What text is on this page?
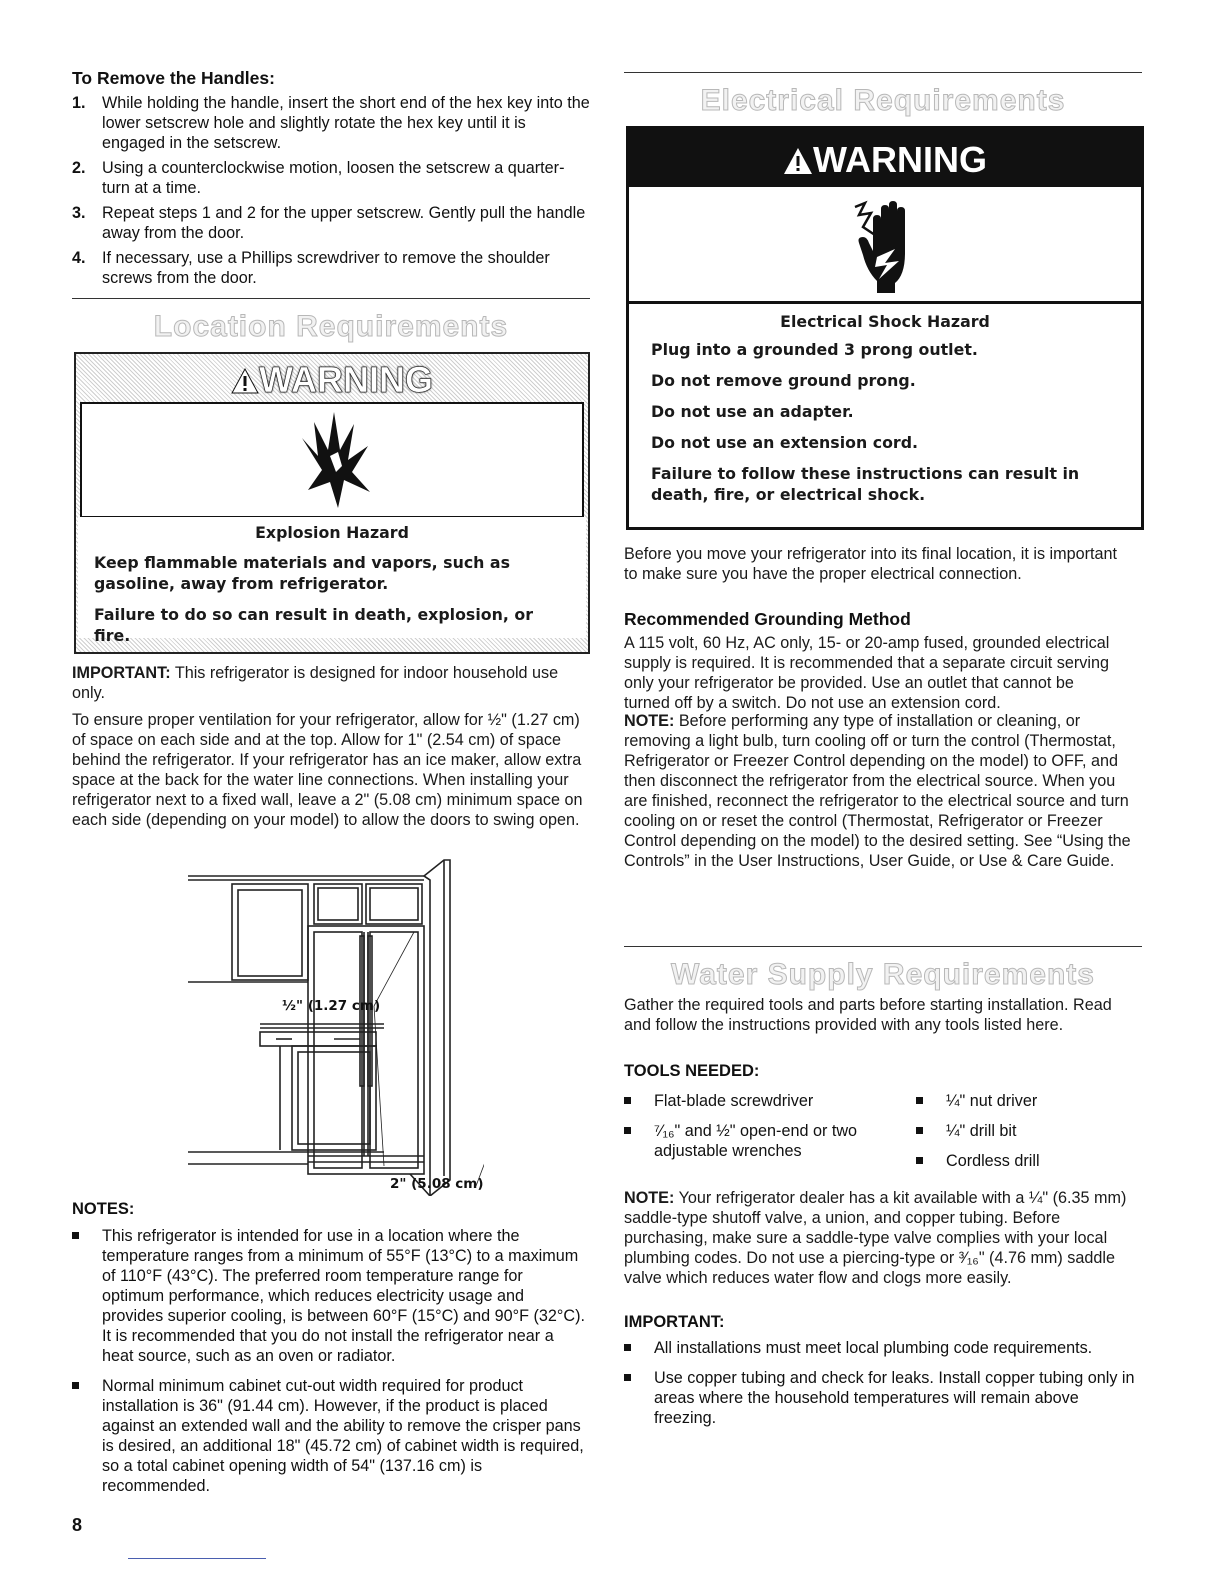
To Remove the Handles:
1. While holding the handle, insert the short end of the hex key into the lower setscrew hole and slightly rotate the hex key until it is engaged in the setscrew.
2. Using a counterclockwise motion, loosen the setscrew a quarter-turn at a time.
3. Repeat steps 1 and 2 for the upper setscrew. Gently pull the handle away from the door.
4. If necessary, use a Phillips screwdriver to remove the shoulder screws from the door.
Location Requirements
WARNING
Explosion Hazard

Keep flammable materials and vapors, such as gasoline, away from refrigerator.

Failure to do so can result in death, explosion, or fire.

IMPORTANT: This refrigerator is designed for indoor household use only.

To ensure proper ventilation for your refrigerator, allow for ½" (1.27 cm) of space on each side and at the top. Allow for 1" (2.54 cm) of space behind the refrigerator. If your refrigerator has an ice maker, allow extra space at the back for the water line connections. When installing your refrigerator next to a fixed wall, leave a 2" (5.08 cm) minimum space on each side (depending on your model) to allow the doors to swing open.

½" (1.27 cm)
2" (5.08 cm)
NOTES:
This refrigerator is intended for use in a location where the temperature ranges from a minimum of 55°F (13°C) to a maximum of 110°F (43°C). The preferred room temperature range for optimum performance, which reduces electricity usage and provides superior cooling, is between 60°F (15°C) and 90°F (32°C). It is recommended that you do not install the refrigerator near a heat source, such as an oven or radiator.
Normal minimum cabinet cut-out width required for product installation is 36" (91.44 cm). However, if the product is placed against an extended wall and the ability to remove the crisper pans is desired, an additional 18" (45.72 cm) of cabinet width is required, so a total cabinet opening width of 54" (137.16 cm) is recommended.
8
Electrical Requirements
WARNING
Electrical Shock Hazard

Plug into a grounded 3 prong outlet.

Do not remove ground prong.

Do not use an adapter.

Do not use an extension cord.

Failure to follow these instructions can result in death, fire, or electrical shock.

Before you move your refrigerator into its final location, it is important to make sure you have the proper electrical connection.

Recommended Grounding Method

A 115 volt, 60 Hz, AC only, 15- or 20-amp fused, grounded electrical supply is required. It is recommended that a separate circuit serving only your refrigerator be provided. Use an outlet that cannot be turned off by a switch. Do not use an extension cord.

NOTE: Before performing any type of installation or cleaning, or removing a light bulb, turn cooling off or turn the control (Thermostat, Refrigerator or Freezer Control depending on the model) to OFF, and then disconnect the refrigerator from the electrical source. When you are finished, reconnect the refrigerator to the electrical source and turn cooling on or reset the control (Thermostat, Refrigerator or Freezer Control depending on the model) to the desired setting. See “Using the Controls” in the User Instructions, User Guide, or Use & Care Guide.

Water Supply Requirements

Gather the required tools and parts before starting installation. Read and follow the instructions provided with any tools listed here.

TOOLS NEEDED:
Flat-blade screwdriver
⁷⁄₁₆" and ½" open-end or two adjustable wrenches
¼" nut driver
¼" drill bit
Cordless drill

NOTE: Your refrigerator dealer has a kit available with a ¼" (6.35 mm) saddle-type shutoff valve, a union, and copper tubing. Before purchasing, make sure a saddle-type valve complies with your local plumbing codes. Do not use a piercing-type or ³⁄₁₆" (4.76 mm) saddle valve which reduces water flow and clogs more easily.

IMPORTANT:
All installations must meet local plumbing code requirements.
Use copper tubing and check for leaks. Install copper tubing only in areas where the household temperatures will remain above freezing.
